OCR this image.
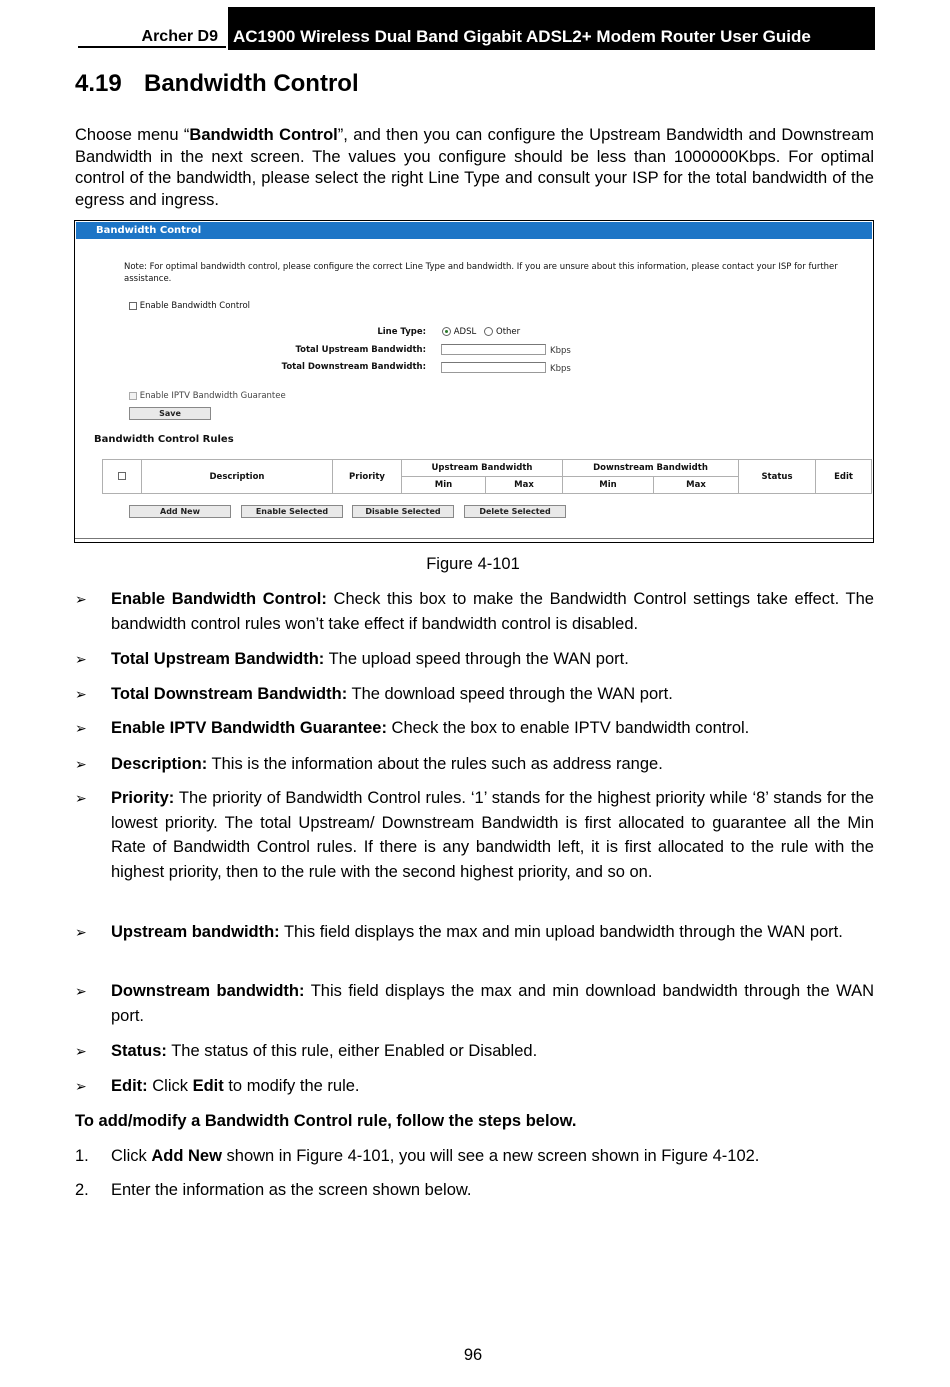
Archer D9 AC1900 Wireless Dual Band Gigabit ADSL2+ Modem Router User Guide
4.19 Bandwidth Control

Choose menu “Bandwidth Control”, and then you can configure the Upstream Bandwidth and Downstream Bandwidth in the next screen. The values you configure should be less than 1000000Kbps. For optimal control of the bandwidth, please select the right Line Type and consult your ISP for the total bandwidth of the egress and ingress.

Bandwidth Control
Note: For optimal bandwidth control, please configure the correct Line Type and bandwidth. If you are unsure about this information, please contact your ISP for further assistance.
Enable Bandwidth Control
Line Type:	ADSL Other
Total Upstream Bandwidth:	Kbps
Total Downstream Bandwidth:	Kbps
Enable IPTV Bandwidth Guarantee
Save
Bandwidth Control Rules
	Description	Priority	Upstream Bandwidth		Downstream Bandwidth		Status	Edit
			Min	Max	Min	Max		
Add New	Enable Selected	Disable Selected	Delete Selected
Figure 4-101
➢ Enable Bandwidth Control: Check this box to make the Bandwidth Control settings take effect. The bandwidth control rules won’t take effect if bandwidth control is disabled.
➢ Total Upstream Bandwidth: The upload speed through the WAN port.
➢ Total Downstream Bandwidth: The download speed through the WAN port.
➢ Enable IPTV Bandwidth Guarantee: Check the box to enable IPTV bandwidth control.
➢ Description: This is the information about the rules such as address range.
➢ Priority: The priority of Bandwidth Control rules. ‘1’ stands for the highest priority while ‘8’ stands for the lowest priority. The total Upstream/ Downstream Bandwidth is first allocated to guarantee all the Min Rate of Bandwidth Control rules. If there is any bandwidth left, it is first allocated to the rule with the highest priority, then to the rule with the second highest priority, and so on.
➢ Upstream bandwidth: This field displays the max and min upload bandwidth through the WAN port.
➢ Downstream bandwidth: This field displays the max and min download bandwidth through the WAN port.
➢ Status: The status of this rule, either Enabled or Disabled.
➢ Edit: Click Edit to modify the rule.
To add/modify a Bandwidth Control rule, follow the steps below.
1. Click Add New shown in Figure 4-101, you will see a new screen shown in Figure 4-102.
2. Enter the information as the screen shown below.
96
